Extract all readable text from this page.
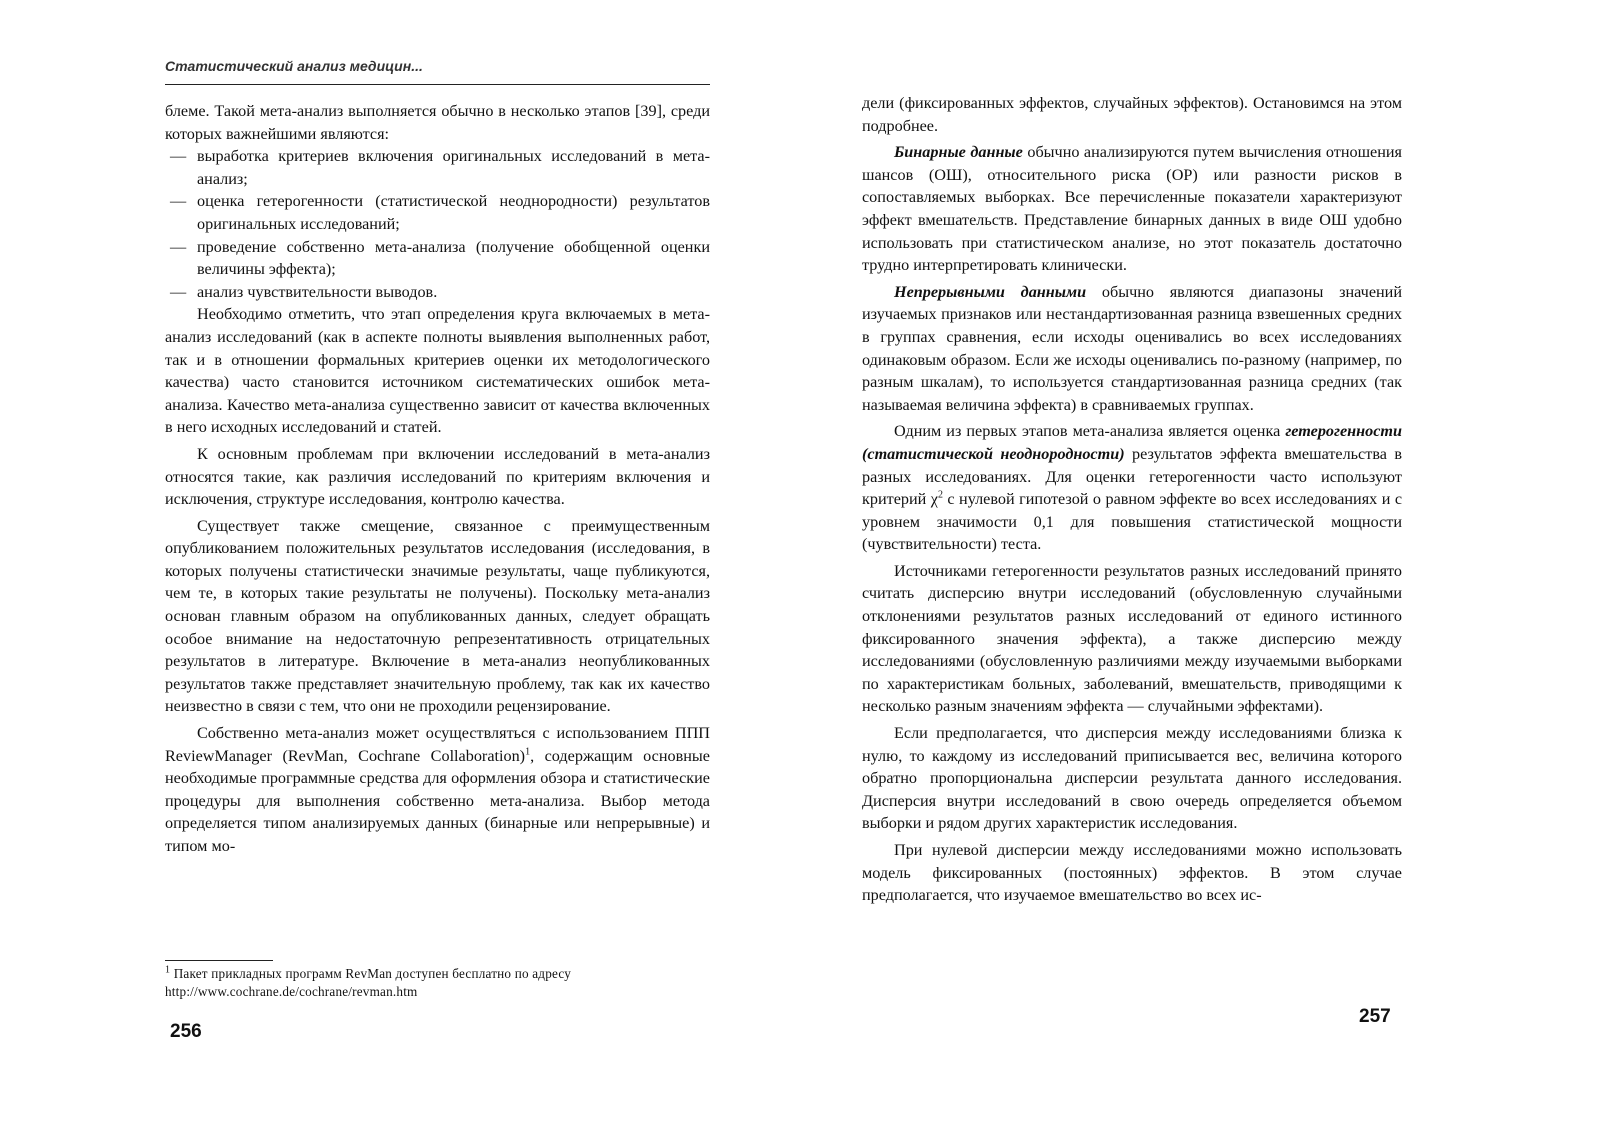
Статистический анализ медицин...

блеме. Такой мета-анализ выполняется обычно в несколько этапов [39], среди которых важнейшими являются:

— выработка критериев включения оригинальных исследований в мета-анализ;
— оценка гетерогенности (статистической неоднородности) результатов оригинальных исследований;
— проведение собственно мета-анализа (получение обобщенной оценки величины эффекта);
— анализ чувствительности выводов.

Необходимо отметить, что этап определения круга включаемых в мета-анализ исследований (как в аспекте полноты выявления выполненных работ, так и в отношении формальных критериев оценки их методологического качества) часто становится источником систематических ошибок мета-анализа. Качество мета-анализа существенно зависит от качества включенных в него исходных исследований и статей.

К основным проблемам при включении исследований в мета-анализ относятся такие, как различия исследований по критериям включения и исключения, структуре исследования, контролю качества.

Существует также смещение, связанное с преимущественным опубликованием положительных результатов исследования (исследования, в которых получены статистически значимые результаты, чаще публикуются, чем те, в которых такие результаты не получены). Поскольку мета-анализ основан главным образом на опубликованных данных, следует обращать особое внимание на недостаточную репрезентативность отрицательных результатов в литературе. Включение в мета-анализ неопубликованных результатов также представляет значительную проблему, так как их качество неизвестно в связи с тем, что они не проходили рецензирование.

Собственно мета-анализ может осуществляться с использованием ППП ReviewManager (RevMan, Cochrane Collaboration)$^1$, содержащим основные необходимые программные средства для оформления обзора и статистические процедуры для выполнения собственно мета-анализа. Выбор метода определяется типом анализируемых данных (бинарные или непрерывные) и типом мо-

$^1$ Пакет прикладных программ RevMan доступен бесплатно по адресу http://www.cochrane.de/cochrane/revman.htm
256

дели (фиксированных эффектов, случайных эффектов). Остановимся на этом подробнее.

Бинарные данные обычно анализируются путем вычисления отношения шансов (ОШ), относительного риска (ОР) или разности рисков в сопоставляемых выборках. Все перечисленные показатели характеризуют эффект вмешательств. Представление бинарных данных в виде ОШ удобно использовать при статистическом анализе, но этот показатель достаточно трудно интерпретировать клинически.

Непрерывными данными обычно являются диапазоны значений изучаемых признаков или нестандартизованная разница взвешенных средних в группах сравнения, если исходы оценивались во всех исследованиях одинаковым образом. Если же исходы оценивались по-разному (например, по разным шкалам), то используется стандартизованная разница средних (так называемая величина эффекта) в сравниваемых группах.

Одним из первых этапов мета-анализа является оценка гетерогенности (статистической неоднородности) результатов эффекта вмешательства в разных исследованиях. Для оценки гетерогенности часто используют критерий $\chi^2$ с нулевой гипотезой о равном эффекте во всех исследованиях и с уровнем значимости 0,1 для повышения статистической мощности (чувствительности) теста.

Источниками гетерогенности результатов разных исследований принято считать дисперсию внутри исследований (обусловленную случайными отклонениями результатов разных исследований от единого истинного фиксированного значения эффекта), а также дисперсию между исследованиями (обусловленную различиями между изучаемыми выборками по характеристикам больных, заболеваний, вмешательств, приводящими к несколько разным значениям эффекта — случайными эффектами).

Если предполагается, что дисперсия между исследованиями близка к нулю, то каждому из исследований приписывается вес, величина которого обратно пропорциональна дисперсии результата данного исследования. Дисперсия внутри исследований в свою очередь определяется объемом выборки и рядом других характеристик исследования.

При нулевой дисперсии между исследованиями можно использовать модель фиксированных (постоянных) эффектов. В этом случае предполагается, что изучаемое вмешательство во всех ис-

257
